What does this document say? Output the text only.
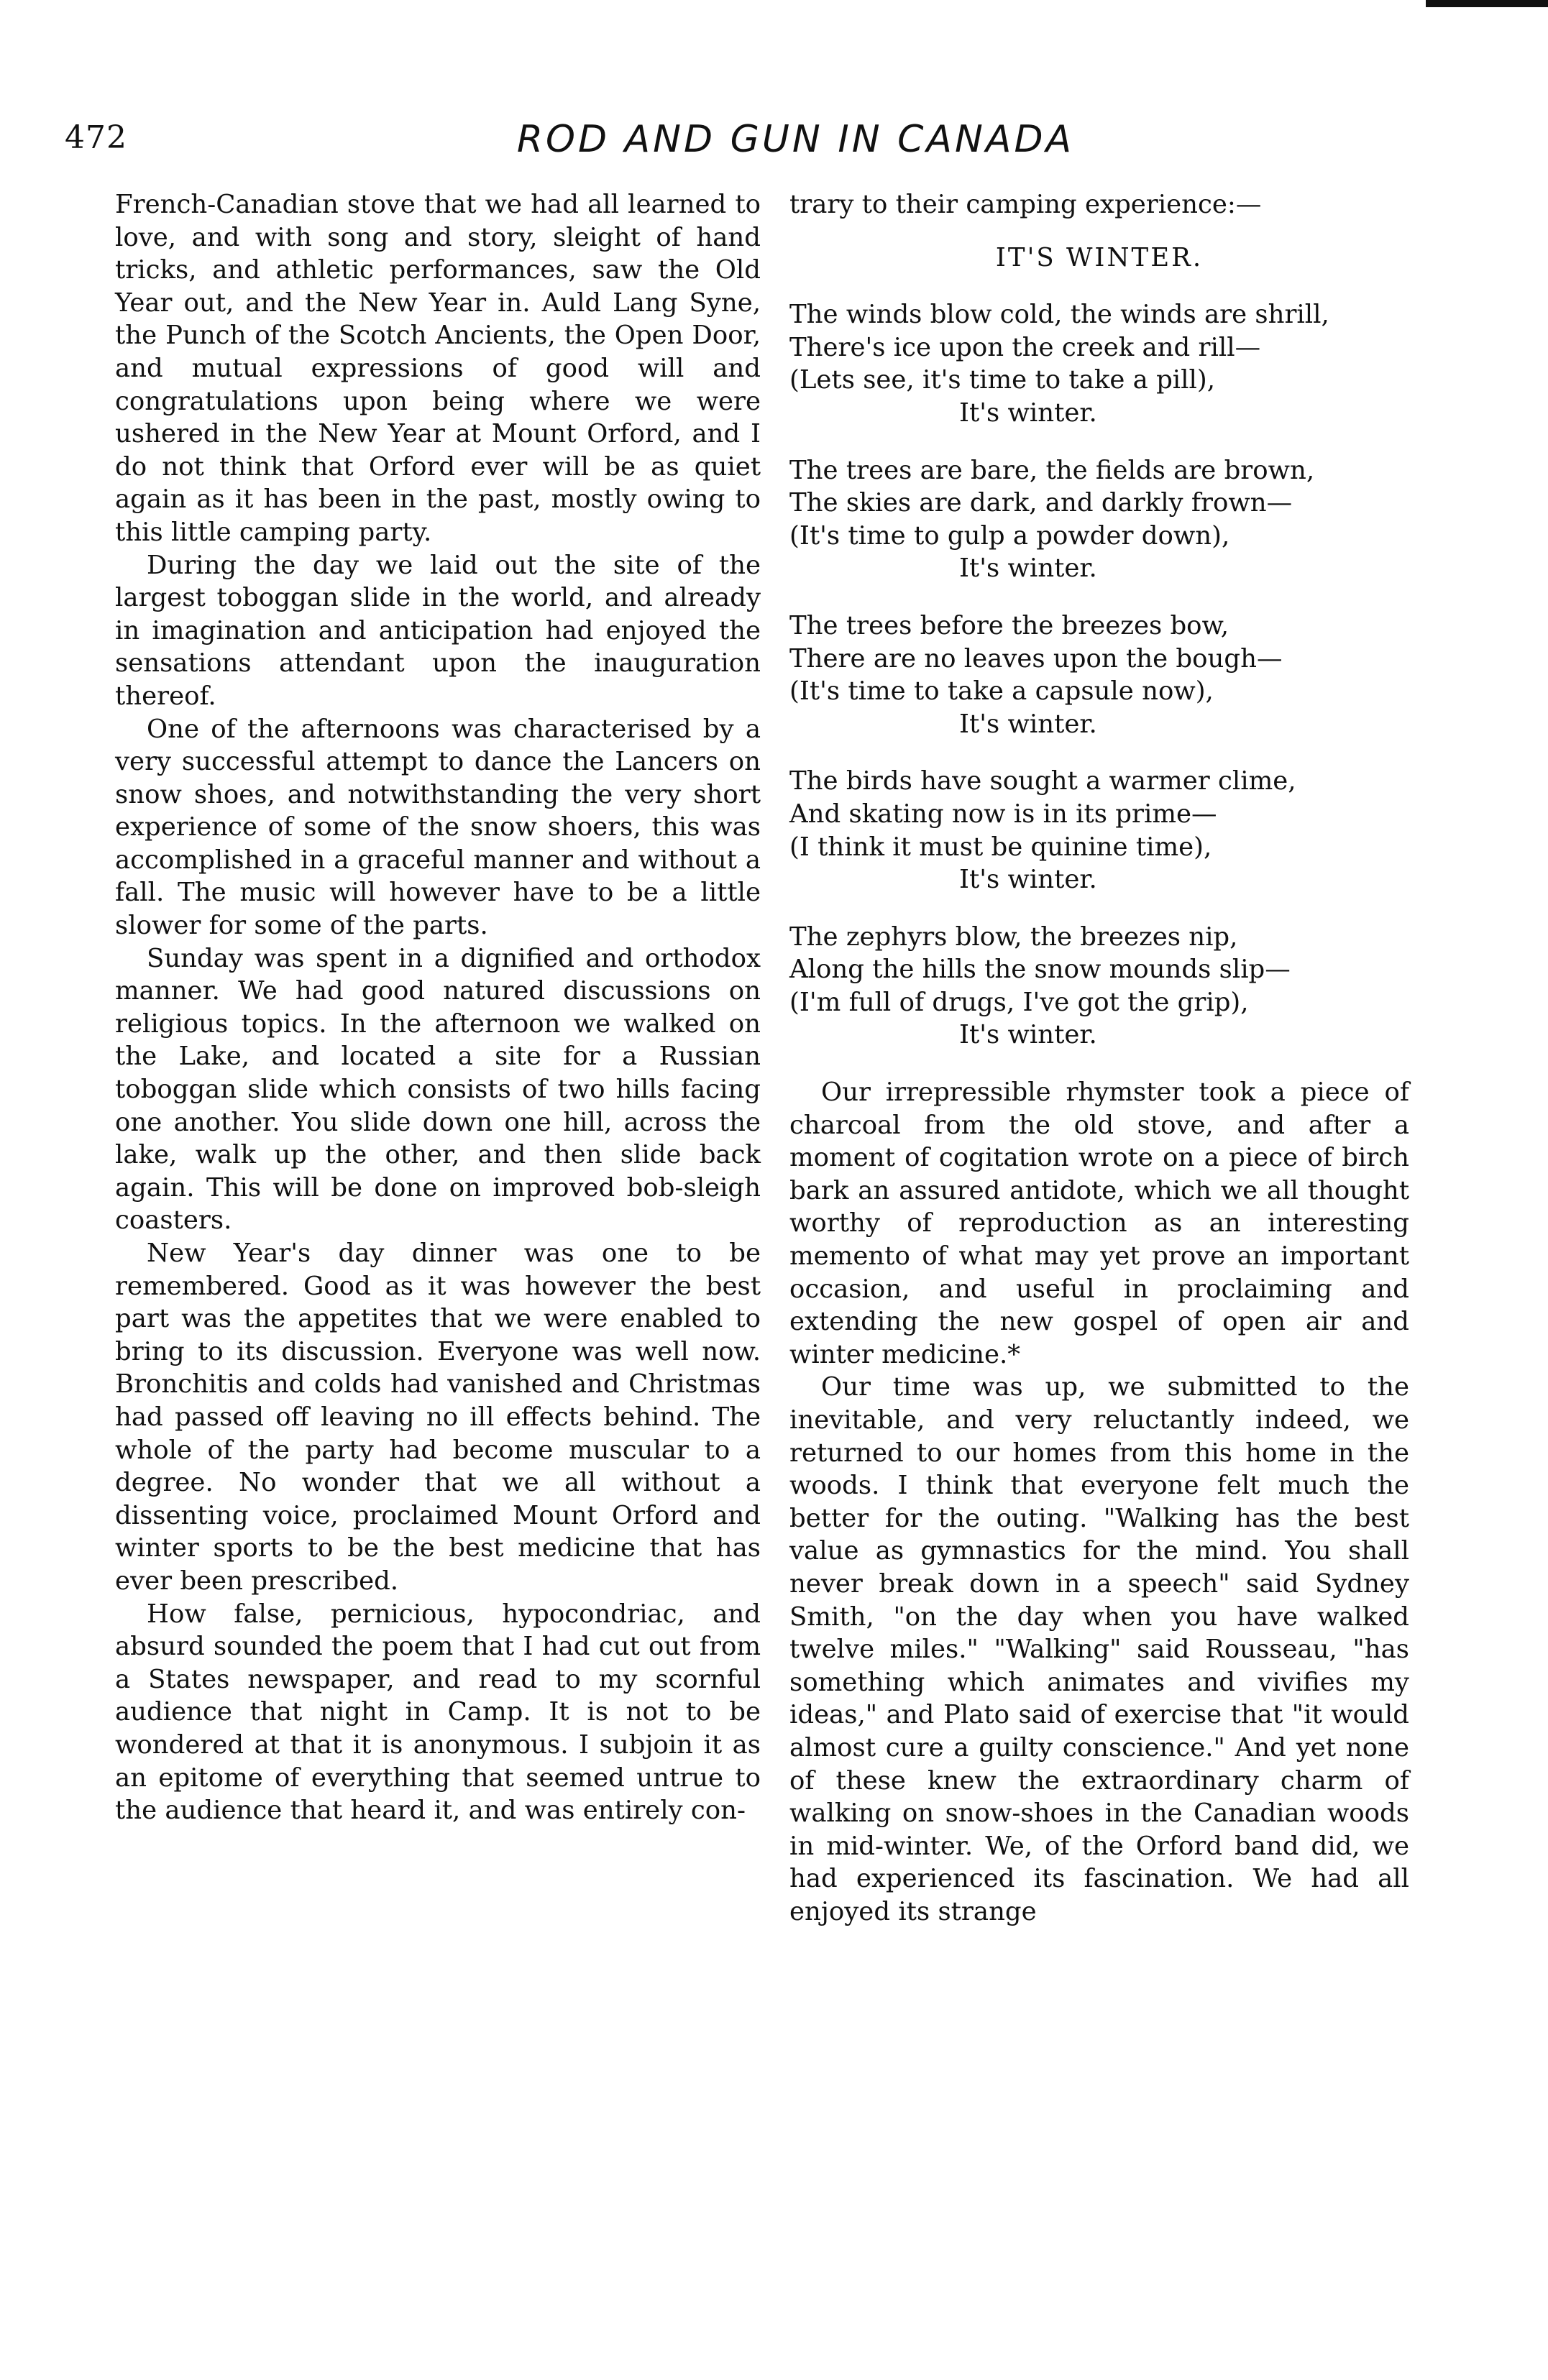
472	ROD AND GUN IN CANADA

French-Canadian stove that we had all learned to love, and with song and story, sleight of hand tricks, and athletic performances, saw the Old Year out, and the New Year in. Auld Lang Syne, the Punch of the Scotch Ancients, the Open Door, and mutual expressions of good will and congratulations upon being where we were ushered in the New Year at Mount Orford, and I do not think that Orford ever will be as quiet again as it has been in the past, mostly owing to this little camping party.

During the day we laid out the site of the largest toboggan slide in the world, and already in imagination and anticipation had enjoyed the sensations attendant upon the inauguration thereof.

One of the afternoons was characterised by a very successful attempt to dance the Lancers on snow shoes, and notwithstanding the very short experience of some of the snow shoers, this was accomplished in a graceful manner and without a fall. The music will however have to be a little slower for some of the parts.

Sunday was spent in a dignified and orthodox manner. We had good natured discussions on religious topics. In the afternoon we walked on the Lake, and located a site for a Russian toboggan slide which consists of two hills facing one another. You slide down one hill, across the lake, walk up the other, and then slide back again. This will be done on improved bob-sleigh coasters.

New Year's day dinner was one to be remembered. Good as it was however the best part was the appetites that we were enabled to bring to its discussion. Everyone was well now. Bronchitis and colds had vanished and Christmas had passed off leaving no ill effects behind. The whole of the party had become muscular to a degree. No wonder that we all without a dissenting voice, proclaimed Mount Orford and winter sports to be the best medicine that has ever been prescribed.

How false, pernicious, hypocondriac, and absurd sounded the poem that I had cut out from a States newspaper, and read to my scornful audience that night in Camp. It is not to be wondered at that it is anonymous. I subjoin it as an epitome of everything that seemed untrue to the audience that heard it, and was entirely con-

trary to their camping experience:—

IT'S WINTER.
The winds blow cold, the winds are shrill,
There's ice upon the creek and rill—
(Lets see, it's time to take a pill),
It's winter.
The trees are bare, the fields are brown,
The skies are dark, and darkly frown—
(It's time to gulp a powder down),
It's winter.
The trees before the breezes bow,
There are no leaves upon the bough—
(It's time to take a capsule now),
It's winter.
The birds have sought a warmer clime,
And skating now is in its prime—
(I think it must be quinine time),
It's winter.
The zephyrs blow, the breezes nip,
Along the hills the snow mounds slip—
(I'm full of drugs, I've got the grip),
It's winter.

Our irrepressible rhymster took a piece of charcoal from the old stove, and after a moment of cogitation wrote on a piece of birch bark an assured antidote, which we all thought worthy of reproduction as an interesting memento of what may yet prove an important occasion, and useful in proclaiming and extending the new gospel of open air and winter medicine.*

Our time was up, we submitted to the inevitable, and very reluctantly indeed, we returned to our homes from this home in the woods. I think that everyone felt much the better for the outing. "Walking has the best value as gymnastics for the mind. You shall never break down in a speech" said Sydney Smith, "on the day when you have walked twelve miles." "Walking" said Rousseau, "has something which animates and vivifies my ideas," and Plato said of exercise that "it would almost cure a guilty conscience." And yet none of these knew the extraordinary charm of walking on snow-shoes in the Canadian woods in mid-winter. We, of the Orford band did, we had experienced its fascination. We had all enjoyed its strange
